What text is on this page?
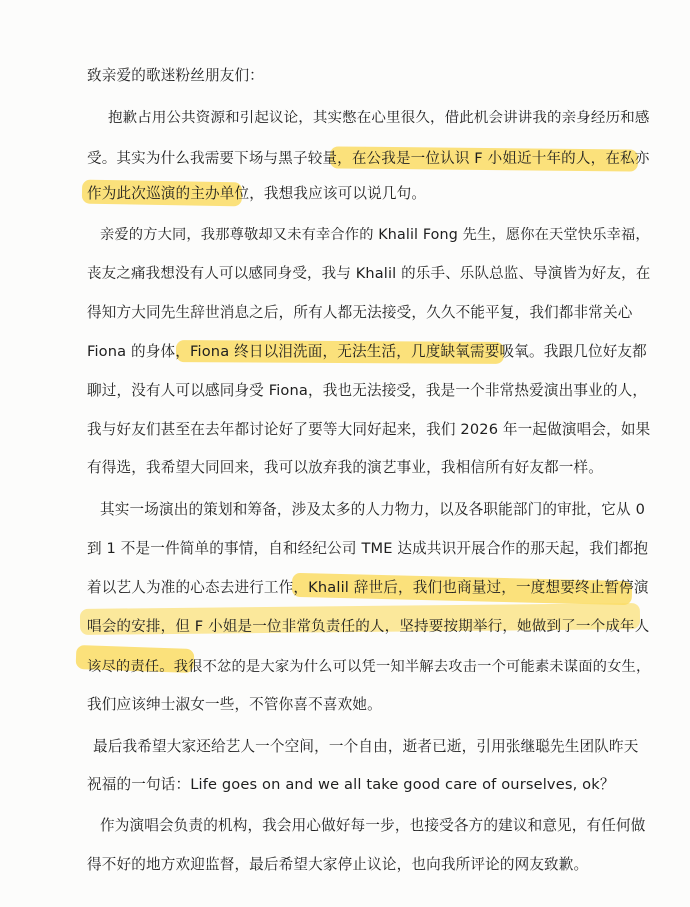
致亲爱的歌迷粉丝朋友们：
抱歉占用公共资源和引起议论，其实憋在心里很久，借此机会讲讲我的亲身经历和感
受。其实为什么我需要下场与黑子较量，在公我是一位认识 F 小姐近十年的人，在私亦
作为此次巡演的主办单位，我想我应该可以说几句。
亲爱的方大同，我那尊敬却又未有幸合作的 Khalil Fong 先生，愿你在天堂快乐幸福，
丧友之痛我想没有人可以感同身受，我与 Khalil 的乐手、乐队总监、导演皆为好友，在
得知方大同先生辞世消息之后，所有人都无法接受，久久不能平复，我们都非常关心
Fiona 的身体，Fiona 终日以泪洗面，无法生活，几度缺氧需要吸氧。我跟几位好友都
聊过，没有人可以感同身受 Fiona，我也无法接受，我是一个非常热爱演出事业的人，
我与好友们甚至在去年都讨论好了要等大同好起来，我们 2026 年一起做演唱会，如果
有得选，我希望大同回来，我可以放弃我的演艺事业，我相信所有好友都一样。
其实一场演出的策划和筹备，涉及太多的人力物力，以及各职能部门的审批，它从 0
到 1 不是一件简单的事情，自和经纪公司 TME 达成共识开展合作的那天起，我们都抱
着以艺人为准的心态去进行工作，Khalil 辞世后，我们也商量过，一度想要终止暂停演
唱会的安排，但 F 小姐是一位非常负责任的人，坚持要按期举行，她做到了一个成年人
该尽的责任。我很不忿的是大家为什么可以凭一知半解去攻击一个可能素未谋面的女生，
我们应该绅士淑女一些，不管你喜不喜欢她。
最后我希望大家还给艺人一个空间，一个自由，逝者已逝，引用张继聪先生团队昨天
祝福的一句话：Life goes on and we all take good care of ourselves, ok？
作为演唱会负责的机构，我会用心做好每一步，也接受各方的建议和意见，有任何做
得不好的地方欢迎监督，最后希望大家停止议论，也向我所评论的网友致歉。
